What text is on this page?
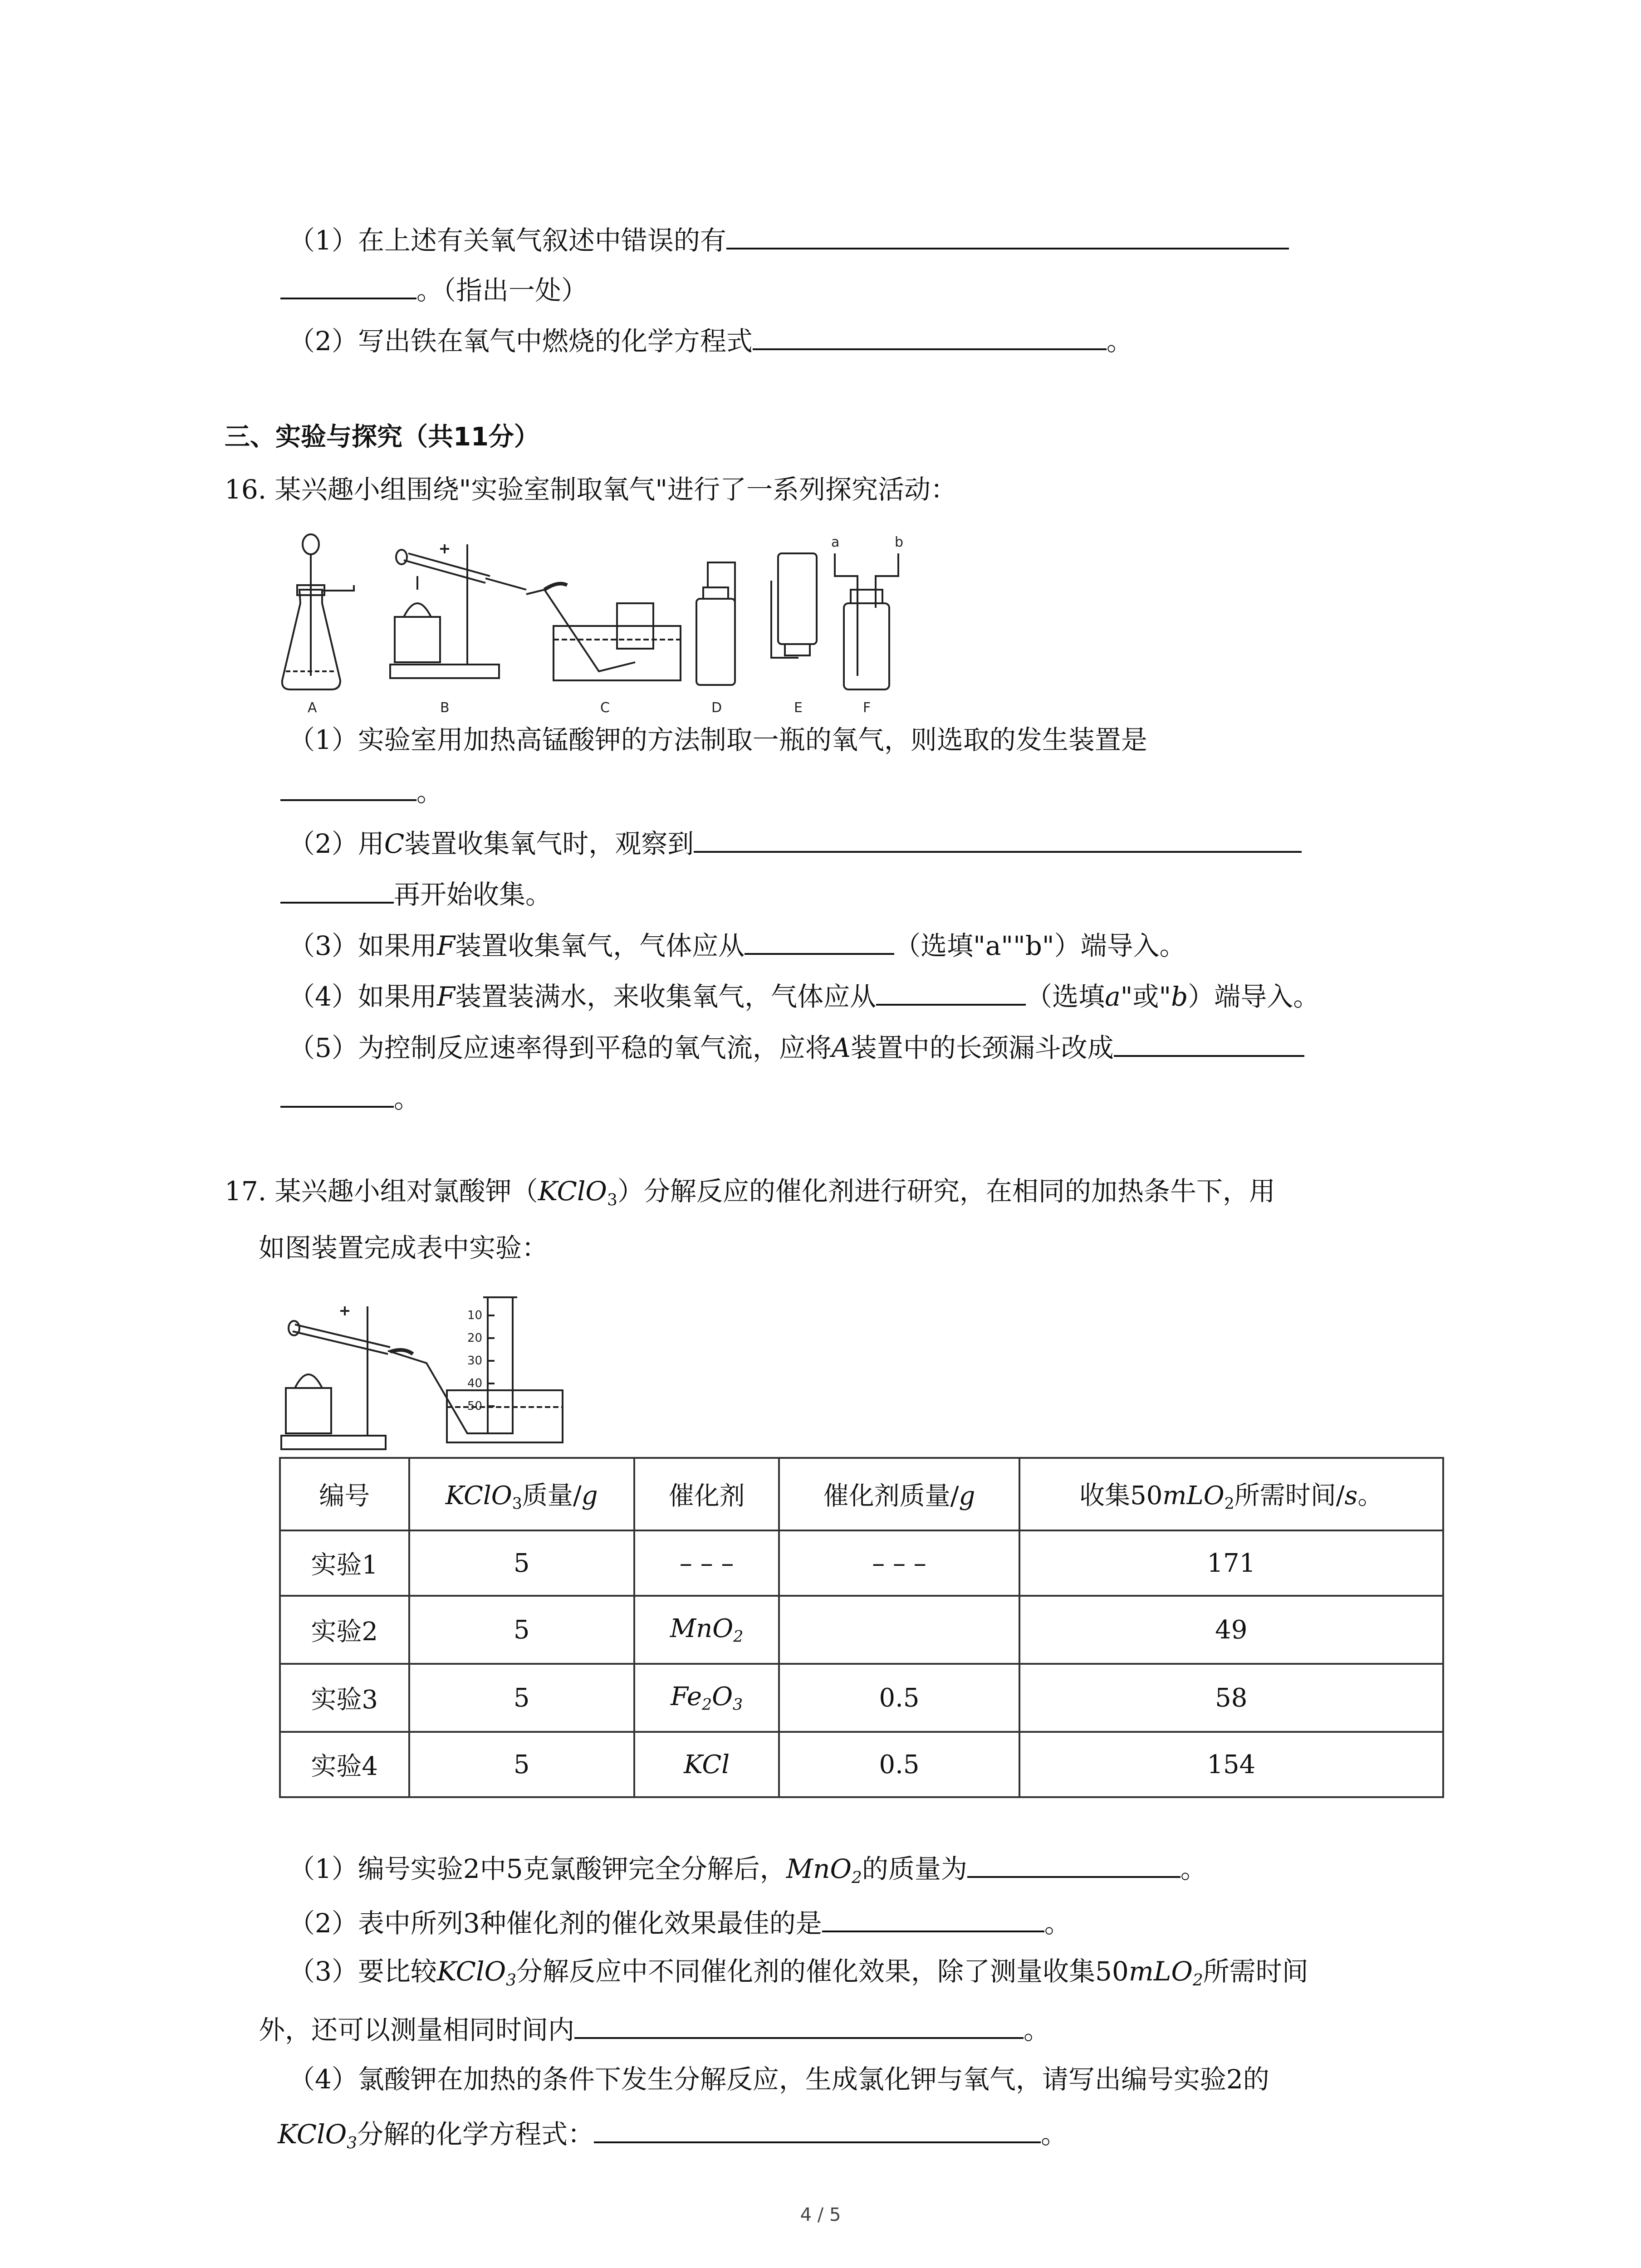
（1）在上述有关氧气叙述中错误的有
。（指出一处）
（2）写出铁在氧气中燃烧的化学方程式	。
三、实验与探究（共11分）
16. 某兴趣小组围绕"实验室制取氧气"进行了一系列探究活动：
A	B	C	D	E	F
a	b
（1）实验室用加热高锰酸钾的方法制取一瓶的氧气，则选取的发生装置是
。
（2）用C装置收集氧气时，观察到
再开始收集。
（3）如果用F装置收集氧气，气体应从	（选填"a""b"）端导入。
（4）如果用F装置装满水，来收集氧气，气体应从	（选填a"或"b）端导入。
（5）为控制反应速率得到平稳的氧气流，应将A装置中的长颈漏斗改成
。
17. 某兴趣小组对氯酸钾（KClO$_3$）分解反应的催化剂进行研究，在相同的加热条牛下，用
如图装置完成表中实验：
10
20
30
40
50
编号	KClO$_3$质量/g	催化剂	催化剂质量/g	收集50mLO$_2$所需时间/s。
实验1	5	– – –	– – –	171
实验2	5	MnO$_2$		49
实验3	5	$Fe_2O_3$	0.5	58
实验4	5	KCl	0.5	154
（1）编号实验2中5克氯酸钾完全分解后，MnO$_2$的质量为	。
（2）表中所列3种催化剂的催化效果最佳的是	。
（3）要比较KClO$_3$分解反应中不同催化剂的催化效果，除了测量收集50mLO$_2$所需时间
外，还可以测量相同时间内	。
（4）氯酸钾在加热的条件下发生分解反应，生成氯化钾与氧气，请写出编号实验2的
KClO$_3$分解的化学方程式：	。
4 / 5
